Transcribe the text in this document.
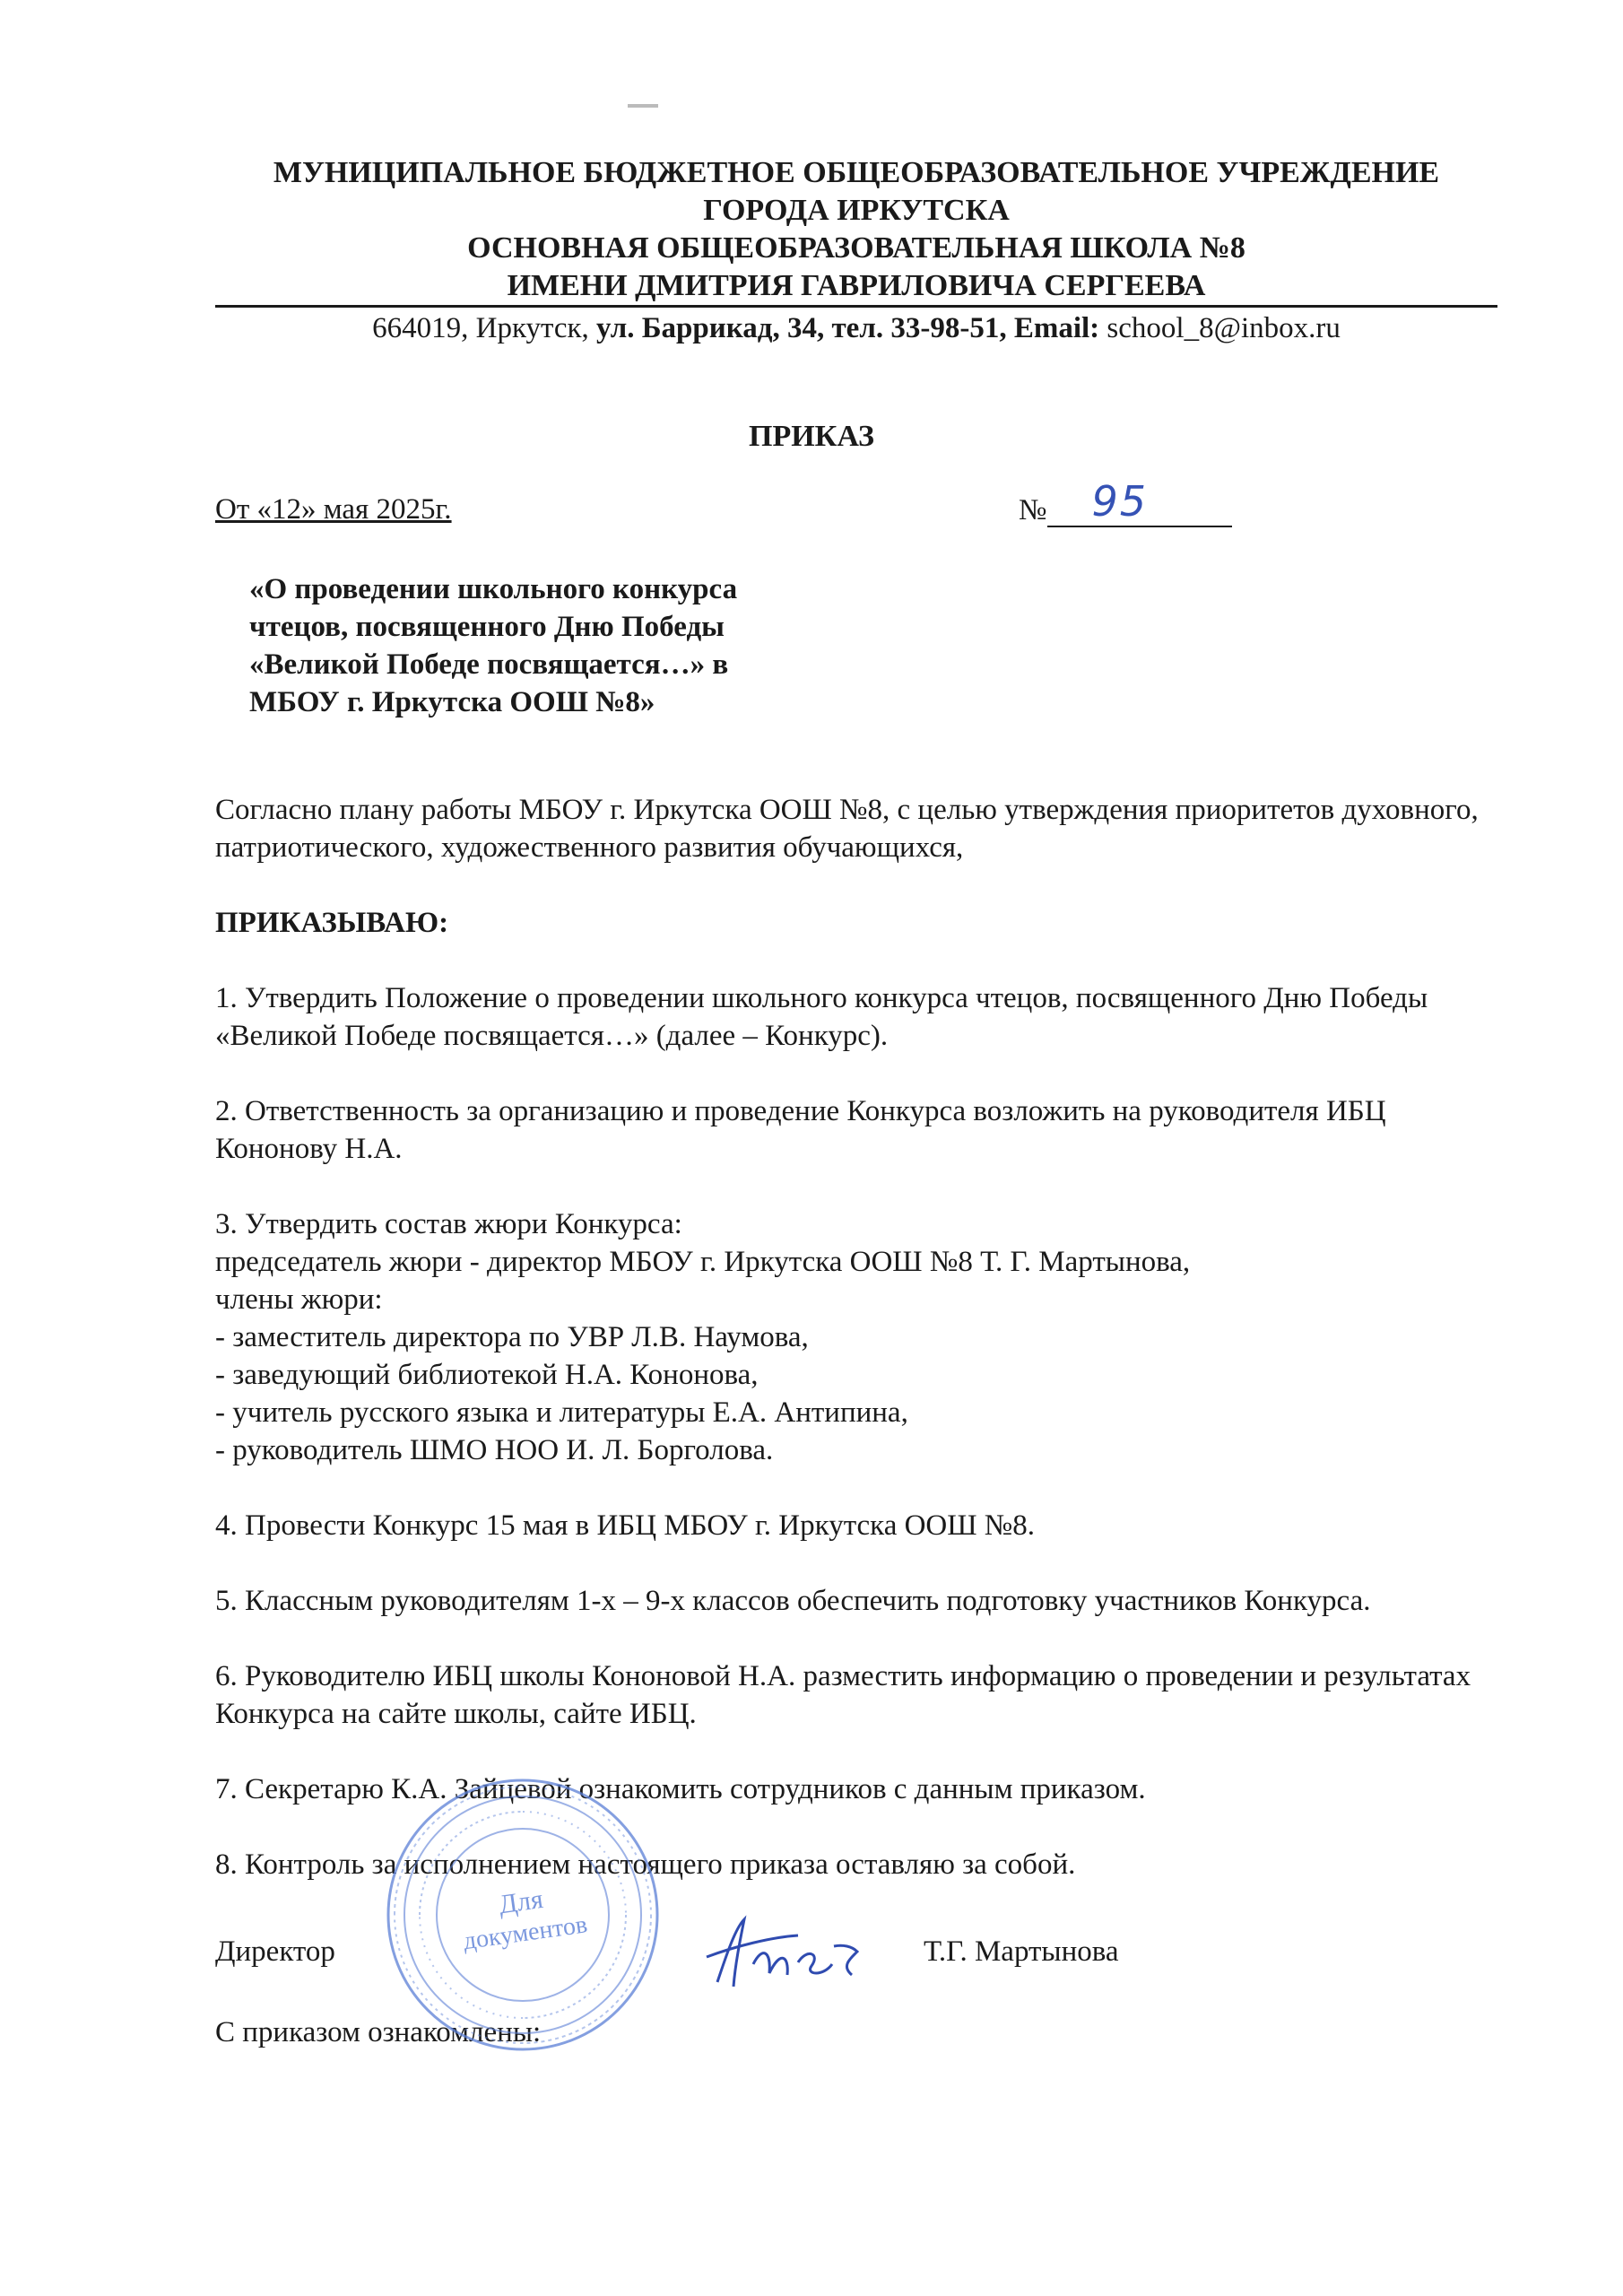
МУНИЦИПАЛЬНОЕ БЮДЖЕТНОЕ ОБЩЕОБРАЗОВАТЕЛЬНОЕ УЧРЕЖДЕНИЕ
ГОРОДА ИРКУТСКА
ОСНОВНАЯ ОБЩЕОБРАЗОВАТЕЛЬНАЯ ШКОЛА №8
ИМЕНИ ДМИТРИЯ ГАВРИЛОВИЧА СЕРГЕЕВА
664019, Иркутск, ул. Баррикад, 34, тел. 33-98-51, Email: school_8@inbox.ru
ПРИКАЗ
От «12» мая 2025г.	№ 95
«О проведении школьного конкурса чтецов, посвященного Дню Победы «Великой Победе посвящается…» в МБОУ г. Иркутска ООШ №8»

Согласно плану работы МБОУ г. Иркутска ООШ №8, с целью утверждения приоритетов духовного, патриотического, художественного развития обучающихся,

ПРИКАЗЫВАЮ:

1. Утвердить Положение о проведении школьного конкурса чтецов, посвященного Дню Победы «Великой Победе посвящается…» (далее – Конкурс).

2. Ответственность за организацию и проведение Конкурса возложить на руководителя ИБЦ Кононову Н.А.

3. Утвердить состав жюри Конкурса:

председатель жюри - директор МБОУ г. Иркутска ООШ №8 Т. Г. Мартынова,

члены жюри:

- заместитель директора по УВР Л.В. Наумова,

- заведующий библиотекой Н.А. Кононова,

- учитель русского языка и литературы Е.А. Антипина,

- руководитель ШМО НОО И. Л. Борголова.

4. Провести Конкурс 15 мая в ИБЦ МБОУ г. Иркутска ООШ №8.

5. Классным руководителям 1-х – 9-х классов обеспечить подготовку участников Конкурса.

6. Руководителю ИБЦ школы Кононовой Н.А. разместить информацию о проведении и результатах Конкурса на сайте школы, сайте ИБЦ.

7. Секретарю К.А. Зайцевой ознакомить сотрудников с данным приказом.

8. Контроль за исполнением настоящего приказа оставляю за собой.

Директор	Т.Г. Мартынова
С приказом ознакомлены:
Для
документов
